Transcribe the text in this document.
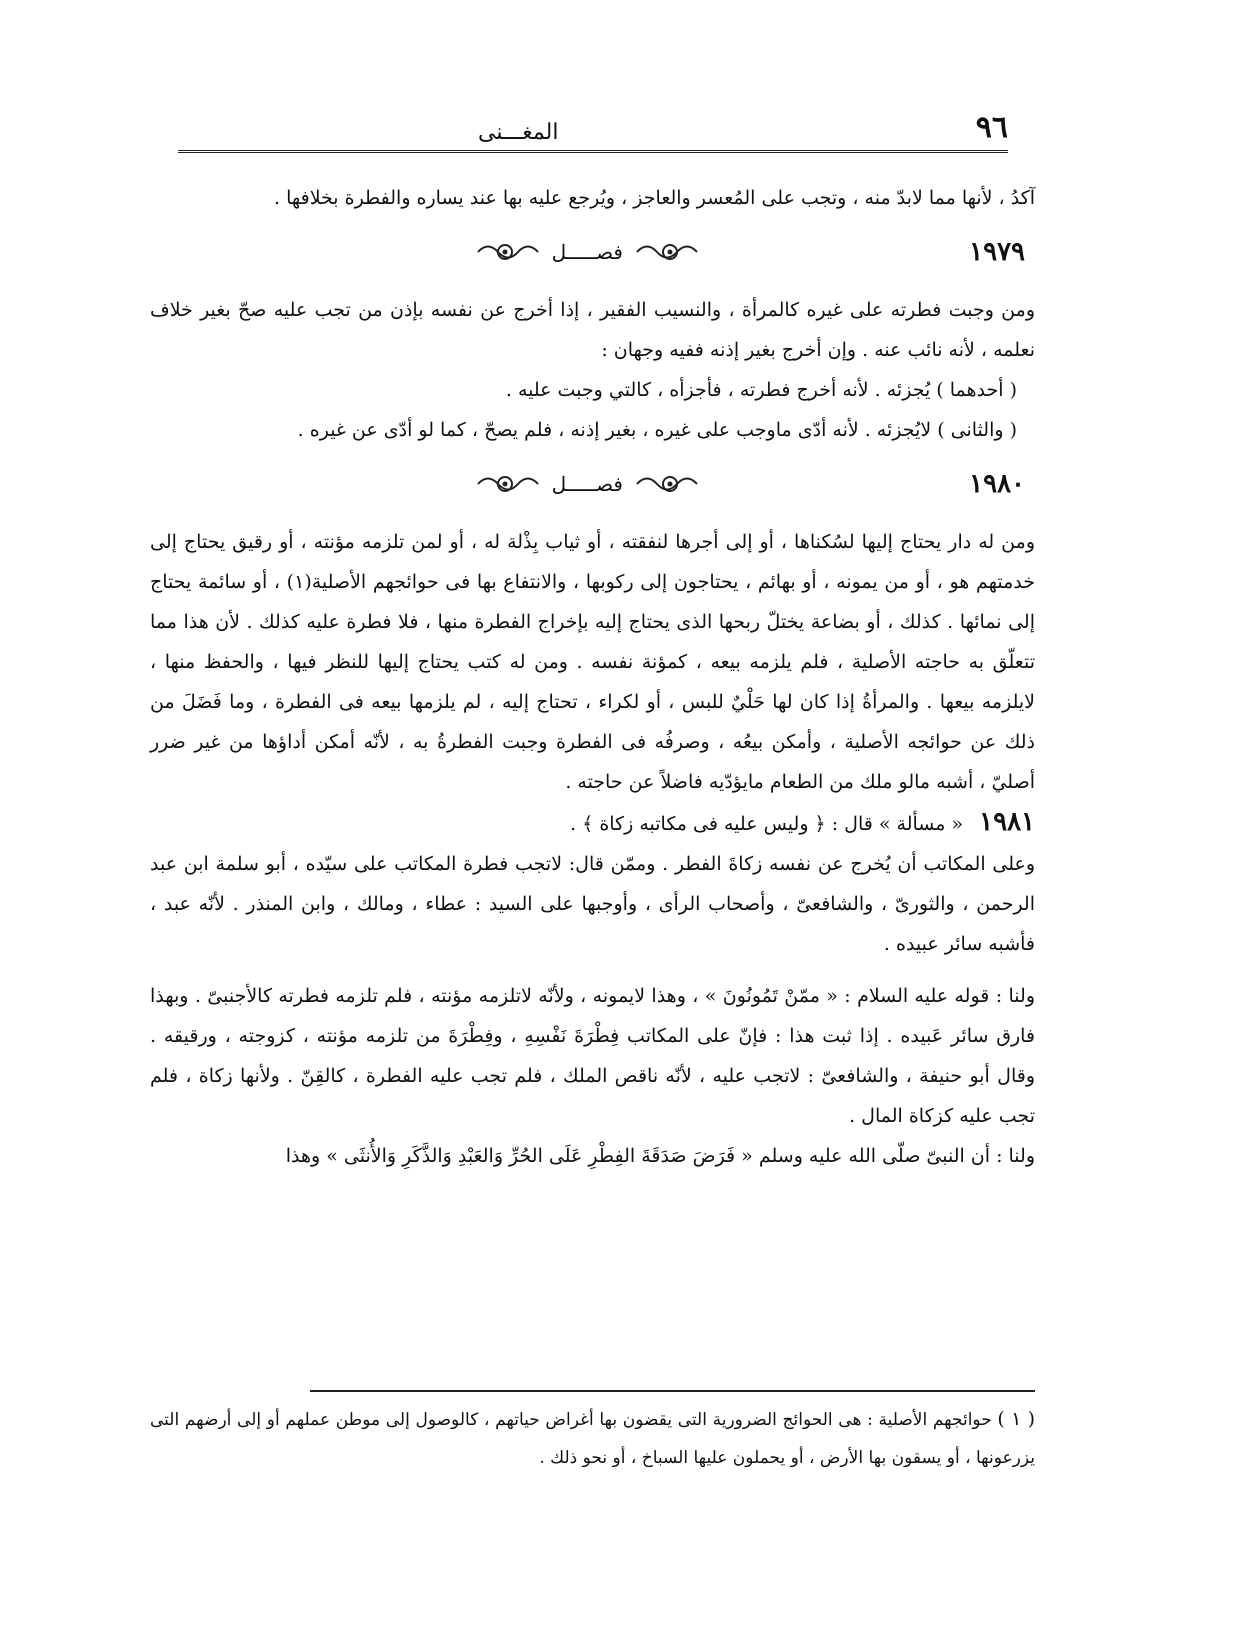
٩٦
المغـــنى

آكدُ ، لأنها مما لابدّ منه ، وتجب على المُعسر والعاجز ، ويُرجع عليه بها عند يساره والفطرة بخلافها .

١٩٧٩
فصـــــل

ومن وجبت فطرته على غيره كالمرأة ، والنسيب الفقير ، إذا أخرج عن نفسه بإذن من تجب عليه صحّ بغير خلاف نعلمه ، لأنه نائب عنه . وإن أخرج بغير إذنه ففيه وجهان :

( أحدهما ) يُجزئه . لأنه أخرج فطرته ، فأجزأه ، كالتي وجبت عليه .

( والثانى ) لايُجزئه . لأنه أدّى ماوجب على غيره ، بغير إذنه ، فلم يصحّ ، كما لو أدّى عن غيره .

١٩٨٠
فصـــــل

ومن له دار يحتاج إليها لسُكناها ، أو إلى أجرها لنفقته ، أو ثياب بِذْلة له ، أو لمن تلزمه مؤنته ، أو رقيق يحتاج إلى خدمتهم هو ، أو من يمونه ، أو بهائم ، يحتاجون إلى ركوبها ، والانتفاع بها فى حوائجهم الأصلية(١) ، أو سائمة يحتاج إلى نمائها . كذلك ، أو بضاعة يختلّ ربحها الذى يحتاج إليه بإخراج الفطرة منها ، فلا فطرة عليه كذلك . لأن هذا مما تتعلّق به حاجته الأصلية ، فلم يلزمه بيعه ، كمؤنة نفسه . ومن له كتب يحتاج إليها للنظر فيها ، والحفظ منها ، لايلزمه بيعها . والمرأةُ إذا كان لها حَلْيٌ للبس ، أو لكراء ، تحتاج إليه ، لم يلزمها بيعه فى الفطرة ، وما فَضَلَ من ذلك عن حوائجه الأصلية ، وأمكن بيعُه ، وصرفُه فى الفطرة وجبت الفطرةُ به ، لأنّه أمكن أداؤها من غير ضرر أصليّ ، أشبه مالو ملك من الطعام مايؤدّيه فاضلاً عن حاجته .

١٩٨١ « مسألة » قال : ﴿ وليس عليه فى مكاتبه زكاة ﴾ .

وعلى المكاتب أن يُخرج عن نفسه زكاةَ الفطر . وممّن قال: لاتجب فطرة المكاتب على سيّده ، أبو سلمة ابن عبد الرحمن ، والثورىّ ، والشافعىّ ، وأصحاب الرأى ، وأوجبها على السيد : عطاء ، ومالك ، وابن المنذر . لأنّه عبد ، فأشبه سائر عبيده .

ولنا : قوله عليه السلام : « ممّنْ تَمُونُونَ » ، وهذا لايمونه ، ولأنّه لاتلزمه مؤنته ، فلم تلزمه فطرته كالأجنبىّ . وبهذا فارق سائر عَبيده . إذا ثبت هذا : فإنّ على المكاتب فِطْرَةَ نَفْسِهِ ، وفِطْرَةَ من تلزمه مؤنته ، كزوجته ، ورقيقه . وقال أبو حنيفة ، والشافعىّ : لاتجب عليه ، لأنّه ناقص الملك ، فلم تجب عليه الفطرة ، كالقِنّ . ولأنها زكاة ، فلم تجب عليه كزكاة المال .

ولنا : أن النبىّ صلّى الله عليه وسلم « فَرَضَ صَدَقَةَ الفِطْرِ عَلَى الحُرِّ وَالعَبْدِ وَالذَّكَرِ وَالأُنثَى » وهذا

( ١ ) حوائجهم الأصلية : هى الحوائج الضرورية التى يقضون بها أغراض حياتهم ، كالوصول إلى موطن عملهم أو إلى أرضهم التى يزرعونها ، أو يسقون بها الأرض ، أو يحملون عليها السباخ ، أو نحو ذلك .
